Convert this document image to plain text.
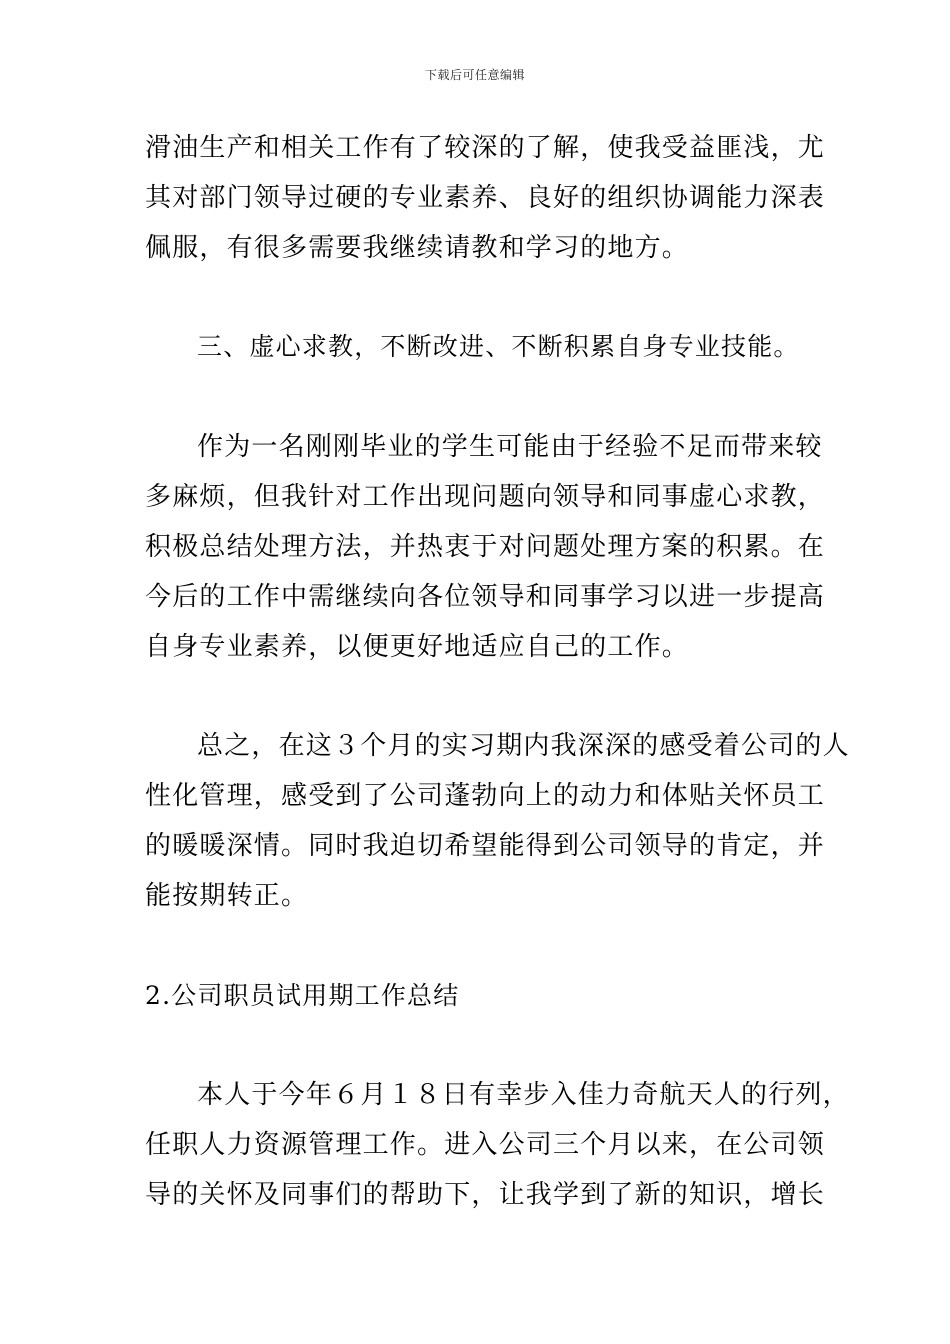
下载后可任意编辑
滑油生产和相关工作有了较深的了解，使我受益匪浅，尤
其对部门领导过硬的专业素养、良好的组织协调能力深表
佩服，有很多需要我继续请教和学习的地方。
三、虚心求教，不断改进、不断积累自身专业技能。
作为一名刚刚毕业的学生可能由于经验不足而带来较
多麻烦，但我针对工作出现问题向领导和同事虚心求教，
积极总结处理方法，并热衷于对问题处理方案的积累。在
今后的工作中需继续向各位领导和同事学习以进一步提高
自身专业素养，以便更好地适应自己的工作。
总之，在这３个月的实习期内我深深的感受着公司的人
性化管理，感受到了公司蓬勃向上的动力和体贴关怀员工
的暖暖深情。同时我迫切希望能得到公司领导的肯定，并
能按期转正。
2.公司职员试用期工作总结
本人于今年６月１８日有幸步入佳力奇航天人的行列，
任职人力资源管理工作。进入公司三个月以来，在公司领
导的关怀及同事们的帮助下，让我学到了新的知识，增长
